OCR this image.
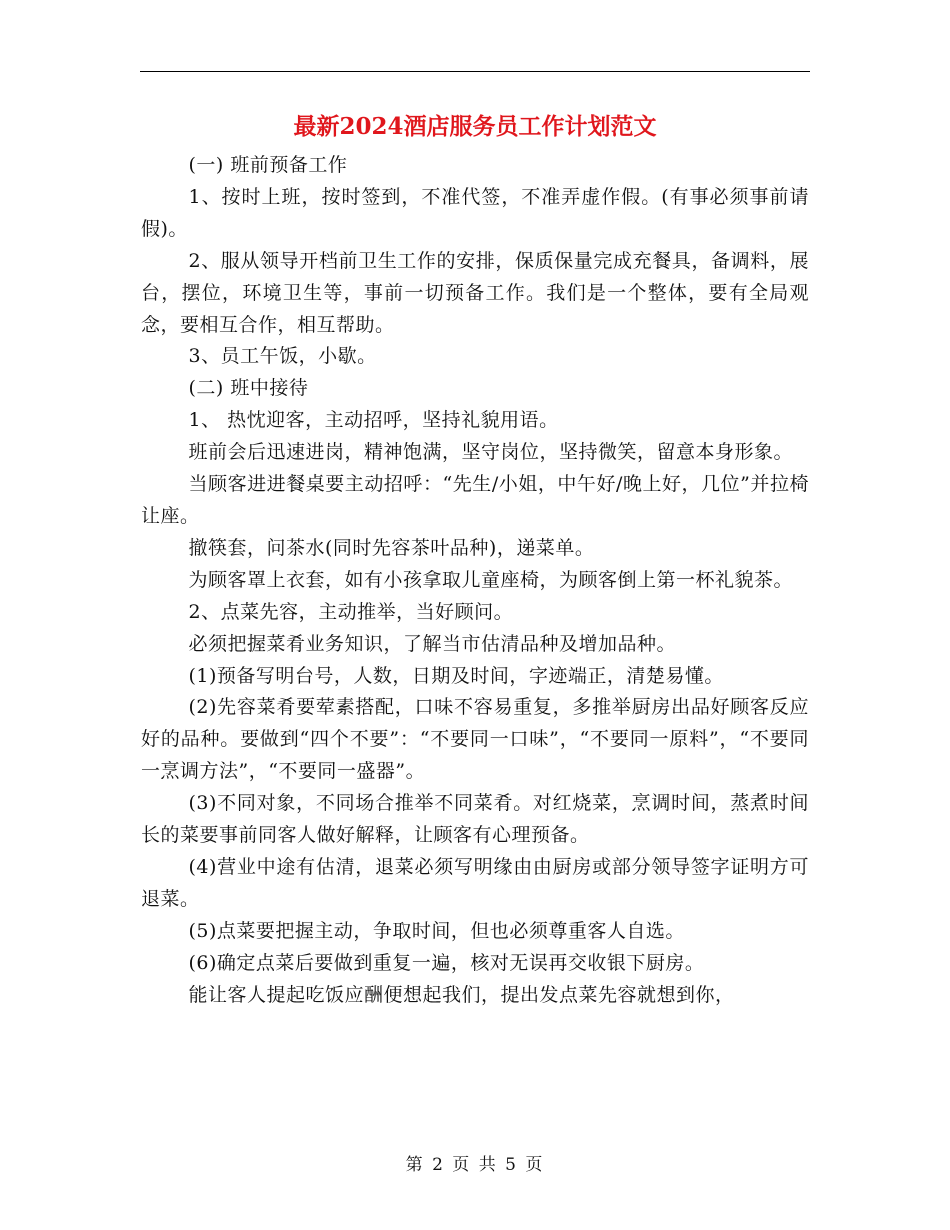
最新2024酒店服务员工作计划范文

(一) 班前预备工作

1、按时上班，按时签到，不准代签，不准弄虚作假。(有事必须事前请假)。

2、服从领导开档前卫生工作的安排，保质保量完成充餐具，备调料，展台，摆位，环境卫生等，事前一切预备工作。我们是一个整体，要有全局观念，要相互合作，相互帮助。

3、员工午饭，小歇。

(二) 班中接待

1、 热忱迎客，主动招呼，坚持礼貌用语。

班前会后迅速进岗，精神饱满，坚守岗位，坚持微笑，留意本身形象。

当顾客进进餐桌要主动招呼：“先生/小姐，中午好/晚上好，几位”并拉椅让座。

撤筷套，问茶水(同时先容茶叶品种)，递菜单。

为顾客罩上衣套，如有小孩拿取儿童座椅，为顾客倒上第一杯礼貌茶。

2、点菜先容，主动推举，当好顾问。

必须把握菜肴业务知识，了解当市估清品种及增加品种。

(1)预备写明台号，人数，日期及时间，字迹端正，清楚易懂。

(2)先容菜肴要荤素搭配，口味不容易重复，多推举厨房出品好顾客反应好的品种。要做到“四个不要”：“不要同一口味”，“不要同一原料”，“不要同一烹调方法”，“不要同一盛器”。

(3)不同对象，不同场合推举不同菜肴。对红烧菜，烹调时间，蒸煮时间长的菜要事前同客人做好解释，让顾客有心理预备。

(4)营业中途有估清，退菜必须写明缘由由厨房或部分领导签字证明方可退菜。

(5)点菜要把握主动，争取时间，但也必须尊重客人自选。

(6)确定点菜后要做到重复一遍，核对无误再交收银下厨房。

能让客人提起吃饭应酬便想起我们，提出发点菜先容就想到你，

第 2 页 共 5 页
